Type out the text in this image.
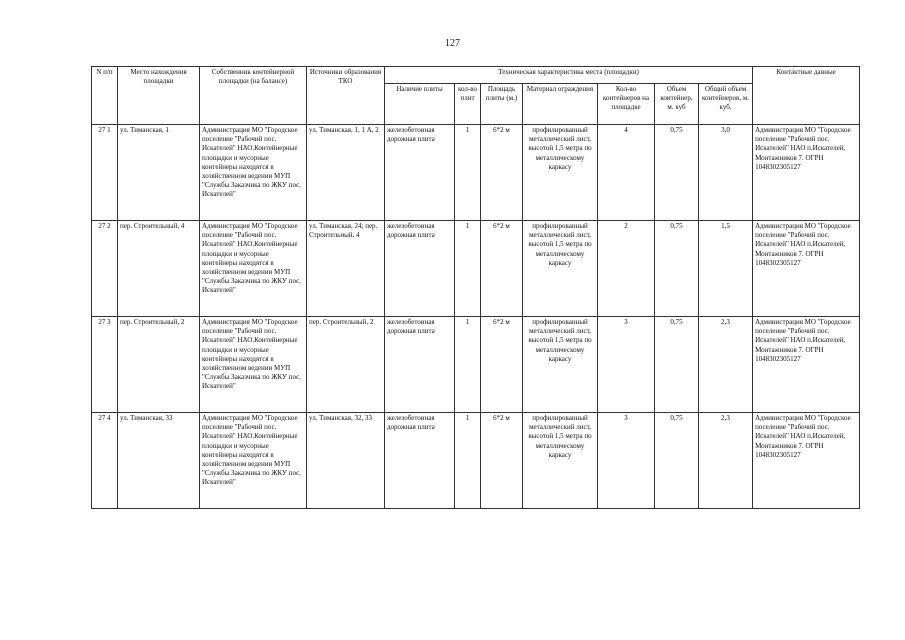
127
N п/п	Место нахождения площадки	Собственник контейнерной площадки (на балансе)	Источники образования ТКО	Техническая характеристика места (площадки)							Контактные данные
				Наличие плиты	кол-во плит	Площадь плиты (м.)	Материал ограждения	Кол-во контейнеров на площадке	Объем контейнер, м. куб	Общий объем контейнеров, м. куб.	
27 1	ул. Тиманская, 1	Администрация МО "Городское поселение "Рабочий пос. Искателей" НАО.Контейнерные площадки и мусорные контейнеры находятся в хозяйственном ведении МУП "Службы Заказчика по ЖКУ пос. Искателей"	ул. Тиманская, 1, 1 А, 2	железобетонная дорожная плита	1	6*2 м	профилированный металлический лист, высотой 1,5 метра по металлическому каркасу	4	0,75	3,0	Администрация МО "Городское поселение "Рабочий пос. Искателей" НАО п.Искателей, Монтажников 7. ОГРН 1048302305127
27 2	пер. Строительный, 4	Администрация МО "Городское поселение "Рабочий пос. Искателей" НАО.Контейнерные площадки и мусорные контейнеры находятся в хозяйственном ведении МУП "Службы Заказчика по ЖКУ пос. Искателей"	ул. Тиманская, 24; пер. Строительный, 4	железобетонная дорожная плита	1	6*2 м	профилированный металлический лист, высотой 1,5 метра по металлическому каркасу	2	0,75	1,5	Администрация МО "Городское поселение "Рабочий пос. Искателей" НАО п.Искателей, Монтажников 7. ОГРН 1048302305127
27 3	пер. Строительный, 2	Администрация МО "Городское поселение "Рабочий пос. Искателей" НАО.Контейнерные площадки и мусорные контейнеры находятся в хозяйственном ведении МУП "Службы Заказчика по ЖКУ пос. Искателей"	пер. Строительный, 2	железобетонная дорожная плита	1	6*2 м	профилированный металлический лист, высотой 1,5 метра по металлическому каркасу	3	0,75	2,3	Администрация МО "Городское поселение "Рабочий пос. Искателей" НАО п.Искателей, Монтажников 7. ОГРН 1048302305127
27 4	ул. Тиманская, 33	Администрация МО "Городское поселение "Рабочий пос. Искателей" НАО.Контейнерные площадки и мусорные контейнеры находятся в хозяйственном ведении МУП "Службы Заказчика по ЖКУ пос. Искателей"	ул. Тиманская, 32, 33	железобетонная дорожная плита	1	6*2 м	профилированный металлический лист, высотой 1,5 метра по металлическому каркасу	3	0,75	2,3	Администрация МО "Городское поселение "Рабочий пос. Искателей" НАО п.Искателей, Монтажников 7. ОГРН 1048302305127
